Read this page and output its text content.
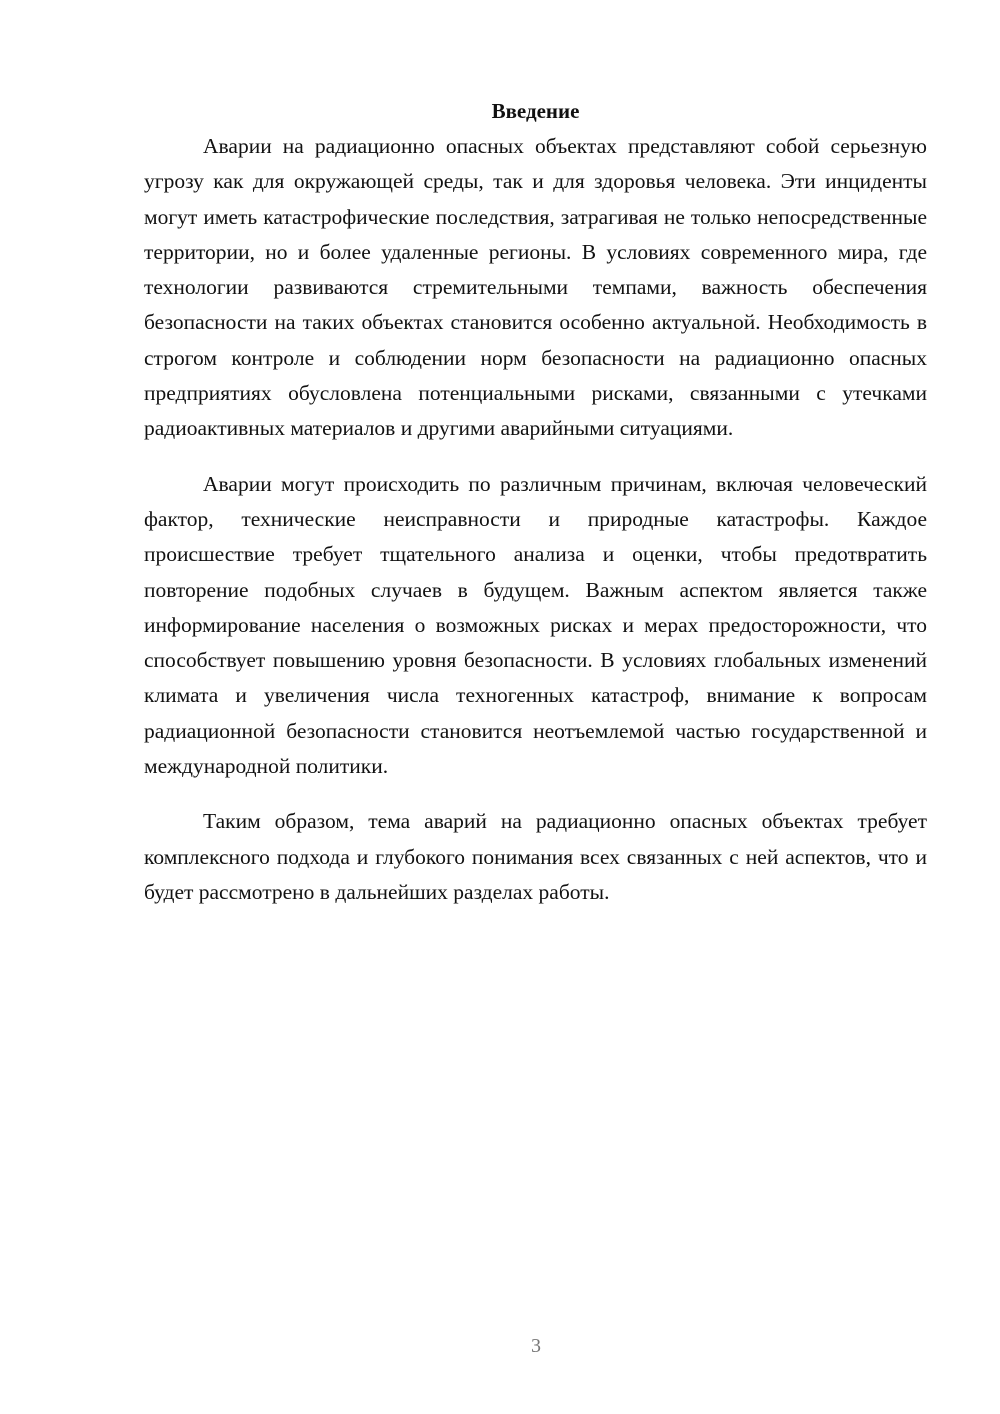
Введение

Аварии на радиационно опасных объектах представляют собой серьезную угрозу как для окружающей среды, так и для здоровья человека. Эти инциденты могут иметь катастрофические последствия, затрагивая не только непосредственные территории, но и более удаленные регионы. В условиях современного мира, где технологии развиваются стремительными темпами, важность обеспечения безопасности на таких объектах становится особенно актуальной. Необходимость в строгом контроле и соблюдении норм безопасности на радиационно опасных предприятиях обусловлена потенциальными рисками, связанными с утечками радиоактивных материалов и другими аварийными ситуациями.

Аварии могут происходить по различным причинам, включая человеческий фактор, технические неисправности и природные катастрофы. Каждое происшествие требует тщательного анализа и оценки, чтобы предотвратить повторение подобных случаев в будущем. Важным аспектом является также информирование населения о возможных рисках и мерах предосторожности, что способствует повышению уровня безопасности. В условиях глобальных изменений климата и увеличения числа техногенных катастроф, внимание к вопросам радиационной безопасности становится неотъемлемой частью государственной и международной политики.

Таким образом, тема аварий на радиационно опасных объектах требует комплексного подхода и глубокого понимания всех связанных с ней аспектов, что и будет рассмотрено в дальнейших разделах работы.

3
